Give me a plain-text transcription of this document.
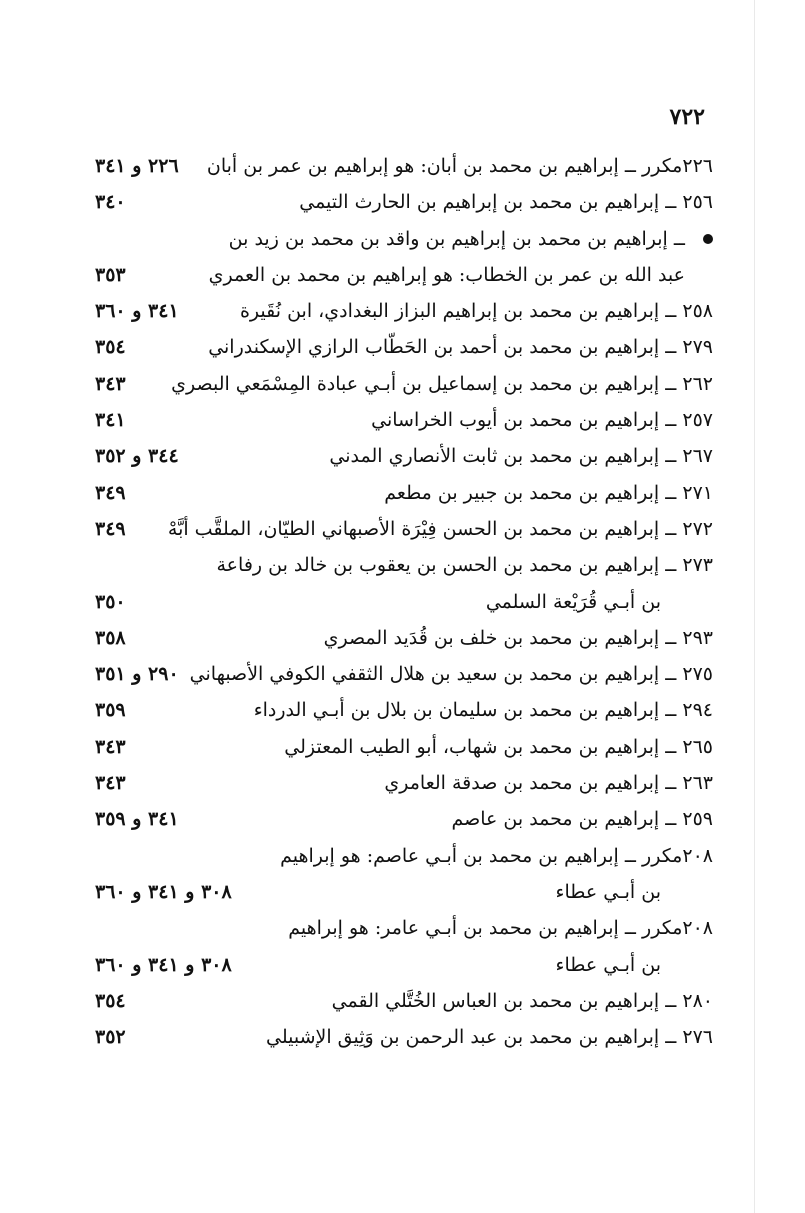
٧٢٢
٢٢٦مكرر ــ إبراهيم بن محمد بن أبان: هو إبراهيم بن عمر بن أبان
٢٢٦ و ٣٤١
٢٥٦ ــ إبراهيم بن محمد بن إبراهيم بن الحارث التيمي
٣٤٠
ــ إبراهيم بن محمد بن إبراهيم بن واقد بن محمد بن زيد بن
عبد الله بن عمر بن الخطاب: هو إبراهيم بن محمد بن العمري
٣٥٣
٢٥٨ ــ إبراهيم بن محمد بن إبراهيم البزاز البغدادي، ابن نُقَيرة
٣٤١ و ٣٦٠
٢٧٩ ــ إبراهيم بن محمد بن أحمد بن الحَطّاب الرازي الإسكندراني
٣٥٤
٢٦٢ ــ إبراهيم بن محمد بن إسماعيل بن أبـي عبادة المِسْمَعي البصري
٣٤٣
٢٥٧ ــ إبراهيم بن محمد بن أيوب الخراساني
٣٤١
٢٦٧ ــ إبراهيم بن محمد بن ثابت الأنصاري المدني
٣٤٤ و ٣٥٢
٢٧١ ــ إبراهيم بن محمد بن جبير بن مطعم
٣٤٩
٢٧٢ ــ إبراهيم بن محمد بن الحسن فِيْرَة الأصبهاني الطيّان، الملقَّب أبَّهْ
٣٤٩
٢٧٣ ــ إبراهيم بن محمد بن الحسن بن يعقوب بن خالد بن رفاعة
بن أبـي قُرَيْعة السلمي
٣٥٠
٢٩٣ ــ إبراهيم بن محمد بن خلف بن قُدَيد المصري
٣٥٨
٢٧٥ ــ إبراهيم بن محمد بن سعيد بن هلال الثقفي الكوفي الأصبهاني
٢٩٠ و ٣٥١
٢٩٤ ــ إبراهيم بن محمد بن سليمان بن بلال بن أبـي الدرداء
٣٥٩
٢٦٥ ــ إبراهيم بن محمد بن شهاب، أبو الطيب المعتزلي
٣٤٣
٢٦٣ ــ إبراهيم بن محمد بن صدقة العامري
٣٤٣
٢٥٩ ــ إبراهيم بن محمد بن عاصم
٣٤١ و ٣٥٩
٢٠٨مكرر ــ إبراهيم بن محمد بن أبـي عاصم: هو إبراهيم
بن أبـي عطاء
٣٠٨ و ٣٤١ و ٣٦٠
٢٠٨مكرر ــ إبراهيم بن محمد بن أبـي عامر: هو إبراهيم
بن أبـي عطاء
٣٠٨ و ٣٤١ و ٣٦٠
٢٨٠ ــ إبراهيم بن محمد بن العباس الخُتَّلي القمي
٣٥٤
٢٧٦ ــ إبراهيم بن محمد بن عبد الرحمن بن وَثِيق الإشبيلي
٣٥٢
